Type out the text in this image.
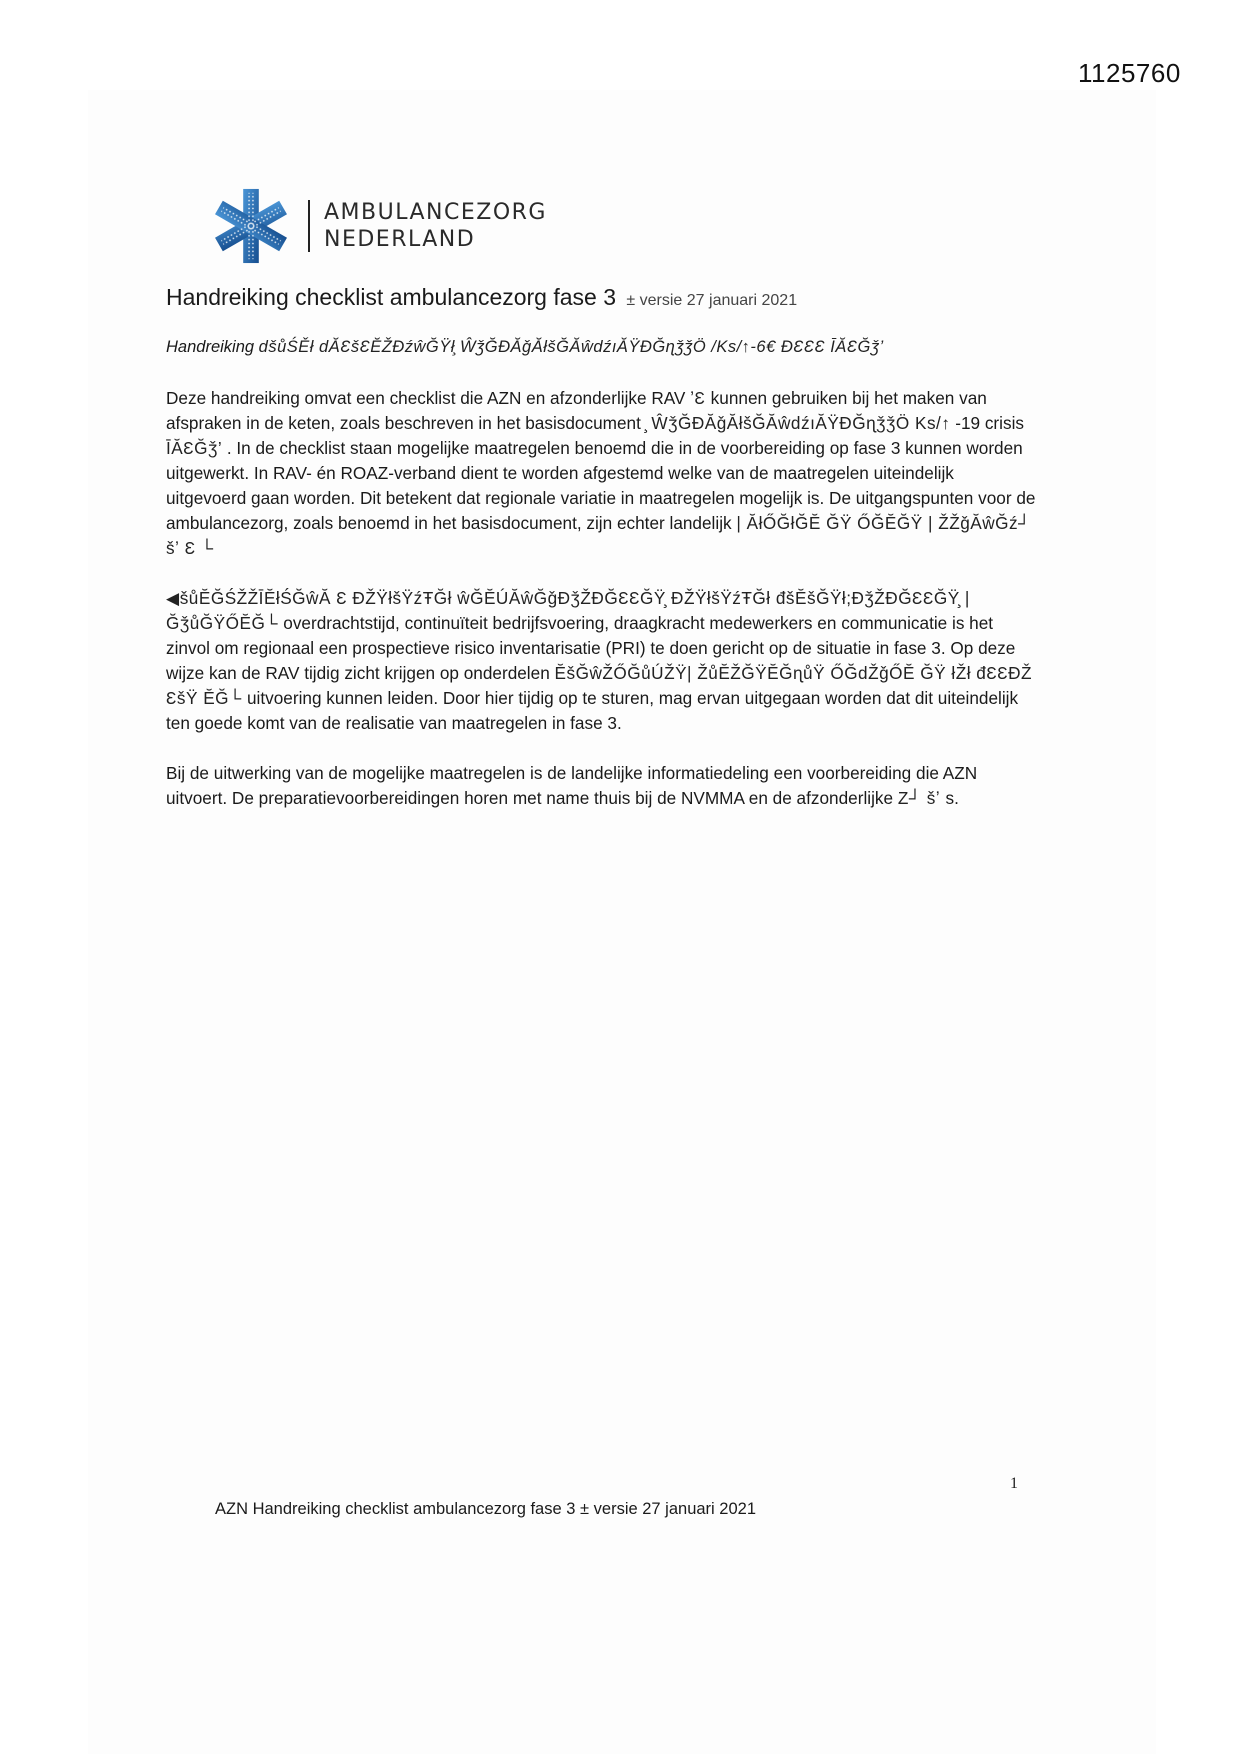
1125760
AMBULANCEZORG
NEDERLAND
Handreiking checklist ambulancezorg fase 3 ± versie 27 januari 2021
Handreiking dšůŚĚł dĂƐšƐĔŽĐźŵĞŸł̧ ŴǯĞĐĂǧĂłšĞĂŵdźıĂŸĐĞɳǯǯÖ /Ks/↑-6€ ĐƐƐƐ ĪĂƐĞǯ’

Deze handreiking omvat een checklist die AZN en afzonderlijke RAV ʼƐ kunnen gebruiken bij het maken van afspraken in de keten, zoals beschreven in het basisdocument ̧ ŴǯĞĐĂǧĂłšĞĂŵdźıĂŸĐĞɳǯǯÖ Ks/↑ -19 crisis ĪĂƐĞǯ’ . In de checklist staan mogelijke maatregelen benoemd die in de voorbereiding op fase 3 kunnen worden uitgewerkt. In RAV- én ROAZ-verband dient te worden afgestemd welke van de maatregelen uiteindelijk uitgevoerd gaan worden. Dit betekent dat regionale variatie in maatregelen mogelijk is. De uitgangspunten voor de ambulancezorg, zoals benoemd in het basisdocument, zijn echter landelijk | ĂłŐĞłĞĔ ĞŸ ŐĞĔĞŸ | ŽŽǧĂŵĞź┘ šʼ Ɛ └

◀šůĔĞŚŽŽĪĔłŚĞŵĂ Ɛ ĐŽŸłšŸźŦĞł ŵĞĔÚĂŵĞǧĐǯŽĐĞƐƐĞŸ̧ ĐŽŸłšŸźŦĞł đšĔšĞŸł;ĐǯŽĐĞƐƐĞŸ̧ | ĞǯůĞŸŐĔĞ└ overdrachtstijd, continuïteit bedrijfsvoering, draagkracht medewerkers en communicatie is het zinvol om regionaal een prospectieve risico inventarisatie (PRI) te doen gericht op de situatie in fase 3. Op deze wijze kan de RAV tijdig zicht krijgen op onderdelen ĔšĞŵŽŐĞůÚŽŸ| ŽůĔŽĞŸĔĞɳůŸ ŐĞdŽǧŐĔ ĞŸ łŽł đƐƐĐŽ ƐšŸ ĔĞ└ uitvoering kunnen leiden. Door hier tijdig op te sturen, mag ervan uitgegaan worden dat dit uiteindelijk ten goede komt van de realisatie van maatregelen in fase 3.

Bij de uitwerking van de mogelijke maatregelen is de landelijke informatiedeling een voorbereiding die AZN uitvoert. De preparatievoorbereidingen horen met name thuis bij de NVMMA en de afzonderlijke Z┘ šʼ s.

1
AZN Handreiking checklist ambulancezorg fase 3 ± versie 27 januari 2021
